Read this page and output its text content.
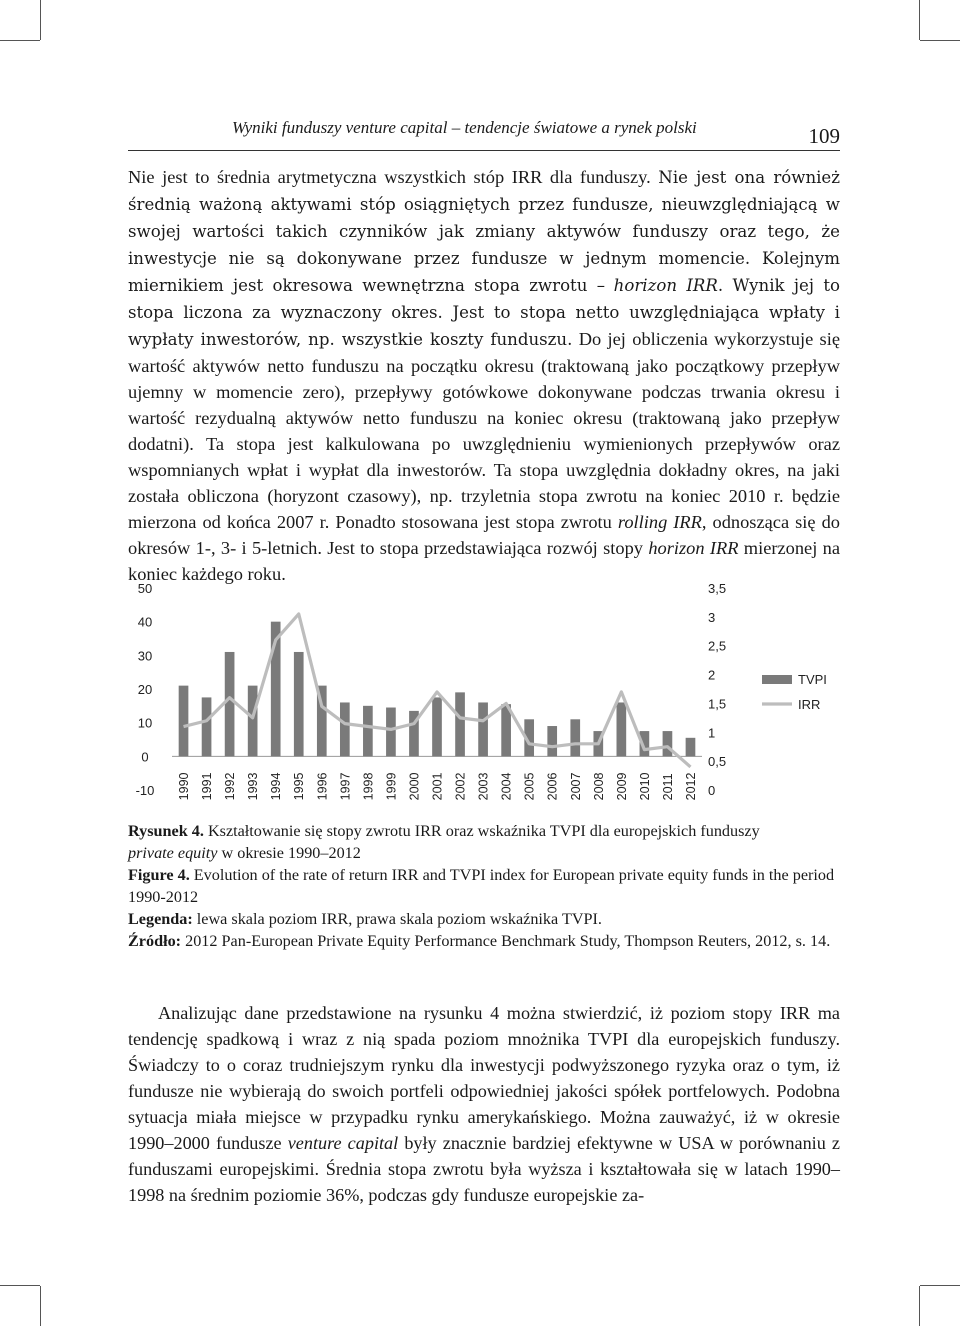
Wyniki funduszy venture capital – tendencje światowe a rynek polski	109

Nie jest to średnia arytmetyczna wszystkich stóp IRR dla funduszy. Nie jest ona również średnią ważoną aktywami stóp osiągniętych przez fundusze, nieuwzględniającą w swojej wartości takich czynników jak zmiany aktywów funduszy oraz tego, że inwestycje nie są dokonywane przez fundusze w jednym momencie. Kolejnym miernikiem jest okresowa wewnętrzna stopa zwrotu – horizon IRR. Wynik jej to stopa liczona za wyznaczony okres. Jest to stopa netto uwzględniająca wpłaty i wypłaty inwestorów, np. wszystkie koszty funduszu. Do jej obliczenia wykorzystuje się wartość aktywów netto funduszu na początku okresu (traktowaną jako początkowy przepływ ujemny w momencie zero), przepływy gotówkowe dokonywane podczas trwania okresu i wartość rezydualną aktywów netto funduszu na koniec okresu (traktowaną jako przepływ dodatni). Ta stopa jest kalkulowana po uwzględnieniu wymienionych przepływów oraz wspomnianych wpłat i wypłat dla inwestorów. Ta stopa uwzględnia dokładny okres, na jaki została obliczona (horyzont czasowy), np. trzyletnia stopa zwrotu na koniec 2010 r. będzie mierzona od końca 2007 r. Ponadto stosowana jest stopa zwrotu rolling IRR, odnosząca się do okresów 1-, 3- i 5-letnich. Jest to stopa przedstawiająca rozwój stopy horizon IRR mierzonej na koniec każdego roku.

50
40
30
20
10
0
-10
3,5
3
2,5
2
1,5
1
0,5
0
1990 1991 1992 1993 1994 1995 1996 1997 1998 1999 2000 2001 2002 2003 2004 2005 2006 2007 2008 2009 2010 2011 2012
TVPI
IRR

Rysunek 4. Kształtowanie się stopy zwrotu IRR oraz wskaźnika TVPI dla europejskich funduszy
private equity w okresie 1990‒2012

Figure 4. Evolution of the rate of return IRR and TVPI index for European private equity funds in the period 1990-2012

Legenda: lewa skala poziom IRR, prawa skala poziom wskaźnika TVPI.

Źródło: 2012 Pan-European Private Equity Performance Benchmark Study, Thompson Reuters, 2012, s. 14.

Analizując dane przedstawione na rysunku 4 można stwierdzić, iż poziom stopy IRR ma tendencję spadkową i wraz z nią spada poziom mnożnika TVPI dla europejskich funduszy. Świadczy to o coraz trudniejszym rynku dla inwestycji podwyższonego ryzyka oraz o tym, iż fundusze nie wybierają do swoich portfeli odpowiedniej jakości spółek portfelowych. Podobna sytuacja miała miejsce w przypadku rynku amerykańskiego. Można zauważyć, iż w okresie 1990‒2000 fundusze venture capital były znacznie bardziej efektywne w USA w porównaniu z funduszami europejskimi. Średnia stopa zwrotu była wyższa i kształtowała się w latach 1990‒1998 na średnim poziomie 36%, podczas gdy fundusze europejskie za-
